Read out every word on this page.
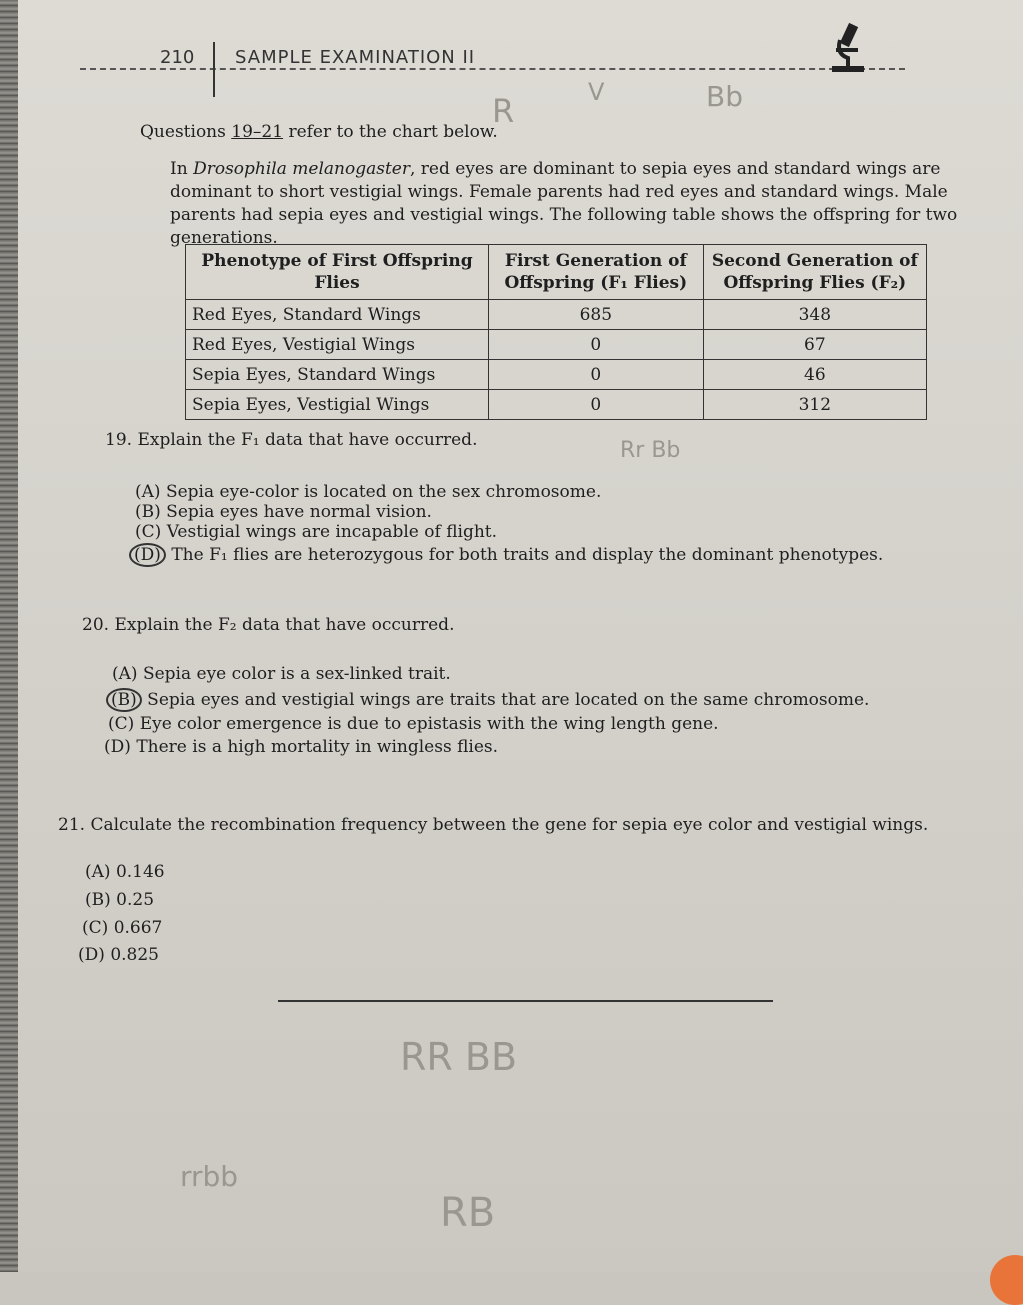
210 SAMPLE EXAMINATION II
Questions 19–21 refer to the chart below.
In Drosophila melanogaster, red eyes are dominant to sepia eyes and standard wings are dominant to short vestigial wings. Female parents had red eyes and standard wings. Male parents had sepia eyes and vestigial wings. The following table shows the offspring for two generations.
Phenotype of First Offspring Flies	First Generation of Offspring (F₁ Flies)	Second Generation of Offspring Flies (F₂)
Red Eyes, Standard Wings	685	348
Red Eyes, Vestigial Wings	0	67
Sepia Eyes, Standard Wings	0	46
Sepia Eyes, Vestigial Wings	0	312
19. Explain the F₁ data that have occurred.
(A) Sepia eye-color is located on the sex chromosome.
(B) Sepia eyes have normal vision.
(C) Vestigial wings are incapable of flight.
(D) The F₁ flies are heterozygous for both traits and display the dominant phenotypes.
20. Explain the F₂ data that have occurred.
(A) Sepia eye color is a sex-linked trait.
(B) Sepia eyes and vestigial wings are traits that are located on the same chromosome.
(C) Eye color emergence is due to epistasis with the wing length gene.
(D) There is a high mortality in wingless flies.
21. Calculate the recombination frequency between the gene for sepia eye color and vestigial wings.
(A) 0.146
(B) 0.25
(C) 0.667
(D) 0.825
R	V	Bb
Rr Bb
RR BB
rrbb
RB
